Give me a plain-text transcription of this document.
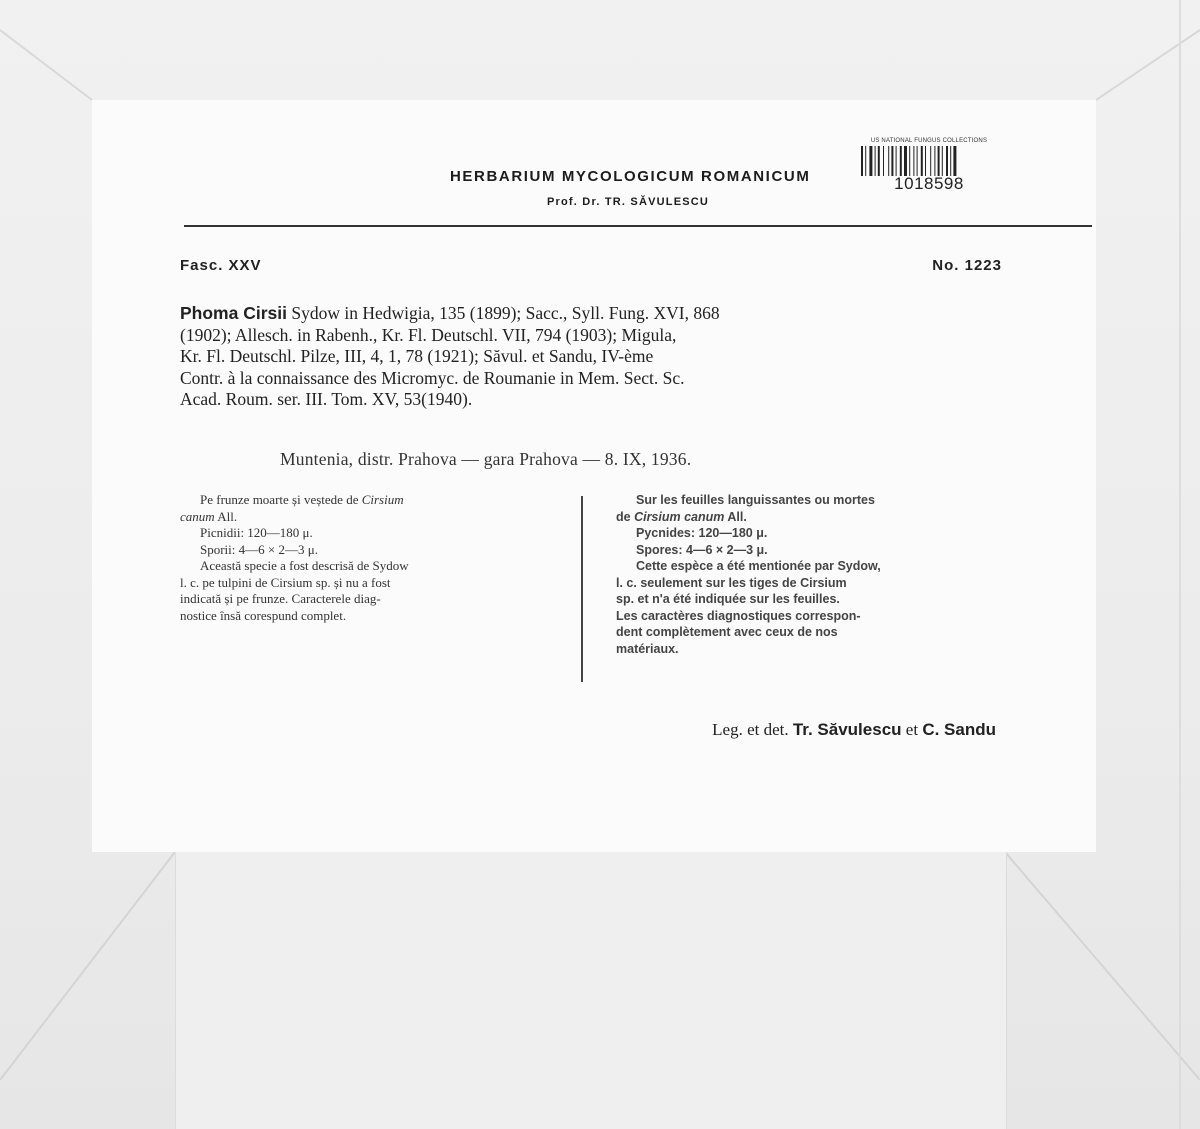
HERBARIUM MYCOLOGICUM ROMANICUM
Prof. Dr. TR. SĂVULESCU
US NATIONAL FUNGUS COLLECTIONS
1018598
Fasc. XXV	No. 1223
Phoma Cirsii Sydow in Hedwigia, 135 (1899); Sacc., Syll. Fung. XVI, 868
(1902); Allesch. in Rabenh., Kr. Fl. Deutschl. VII, 794 (1903); Migula,
Kr. Fl. Deutschl. Pilze, III, 4, 1, 78 (1921); Săvul. et Sandu, IV-ème
Contr. à la connaissance des Micromyc. de Roumanie in Mem. Sect. Sc.
Acad. Roum. ser. III. Tom. XV, 53(1940).
Muntenia, distr. Prahova — gara Prahova — 8. IX, 1936.
Pe frunze moarte și veștede de Cirsium
canum All.
Picnidii: 120—180 μ.
Sporii: 4—6 × 2—3 μ.
Această specie a fost descrisă de Sydow
l. c. pe tulpini de Cirsium sp. și nu a fost
indicată și pe frunze. Caracterele diag-
nostice însă corespund complet.
Sur les feuilles languissantes ou mortes
de Cirsium canum All.
Pycnides: 120—180 μ.
Spores: 4—6 × 2—3 μ.
Cette espèce a été mentionée par Sydow,
l. c. seulement sur les tiges de Cirsium
sp. et n'a été indiquée sur les feuilles.
Les caractères diagnostiques correspon-
dent complètement avec ceux de nos
matériaux.
Leg. et det. Tr. Săvulescu et C. Sandu
